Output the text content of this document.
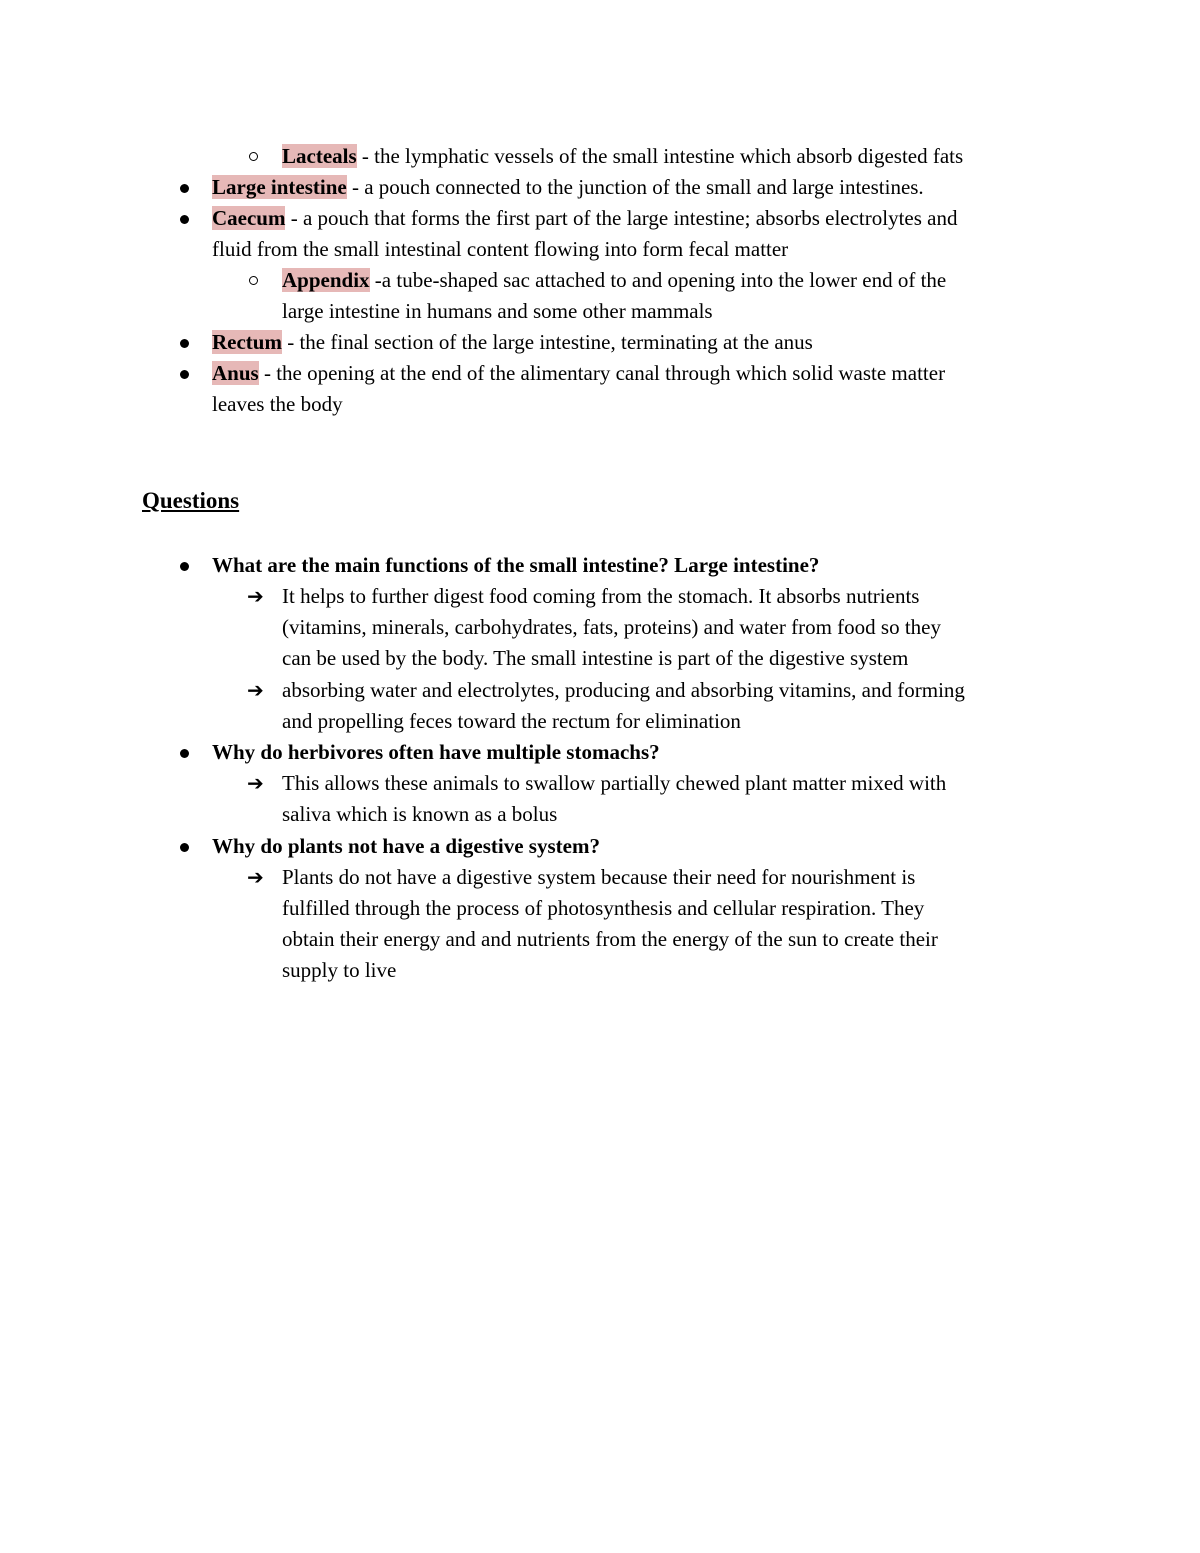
Lacteals - the lymphatic vessels of the small intestine which absorb digested fats
Large intestine - a pouch connected to the junction of the small and large intestines.
Caecum - a pouch that forms the first part of the large intestine; absorbs electrolytes and
fluid from the small intestinal content flowing into form fecal matter
Appendix -a tube-shaped sac attached to and opening into the lower end of the
large intestine in humans and some other mammals
Rectum - the final section of the large intestine, terminating at the anus
Anus - the opening at the end of the alimentary canal through which solid waste matter
leaves the body
Questions
What are the main functions of the small intestine? Large intestine?
➔ It helps to further digest food coming from the stomach. It absorbs nutrients
(vitamins, minerals, carbohydrates, fats, proteins) and water from food so they
can be used by the body. The small intestine is part of the digestive system
➔ absorbing water and electrolytes, producing and absorbing vitamins, and forming
and propelling feces toward the rectum for elimination
Why do herbivores often have multiple stomachs?
➔ This allows these animals to swallow partially chewed plant matter mixed with
saliva which is known as a bolus
Why do plants not have a digestive system?
➔ Plants do not have a digestive system because their need for nourishment is
fulfilled through the process of photosynthesis and cellular respiration. They
obtain their energy and and nutrients from the energy of the sun to create their
supply to live
